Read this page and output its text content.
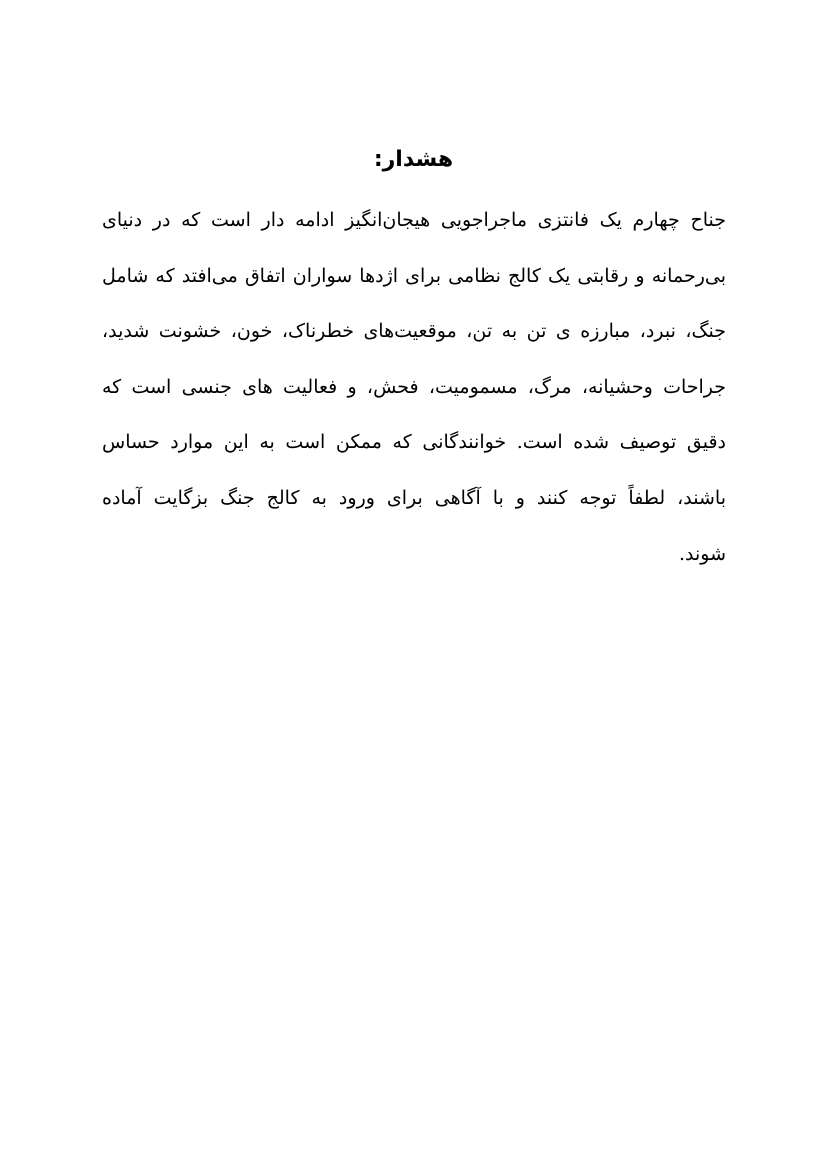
هشدار:
جناح چهارم یک فانتزی ماجراجویی هیجان‌انگیز ادامه دار است که در دنیای
بی‌رحمانه و رقابتی یک کالج نظامی برای اژدها سواران اتفاق می‌افتد که شامل
جنگ، نبرد، مبارزه ی تن به تن، موقعیت‌های خطرناک، خون، خشونت شدید،
جراحات وحشیانه، مرگ، مسمومیت، فحش، و فعالیت های جنسی است که
دقیق توصیف شده است. خوانندگانی که ممکن است به این موارد حساس
باشند، لطفاً توجه کنند و با آگاهی برای ورود به کالج جنگ بزگایت آماده
شوند.
